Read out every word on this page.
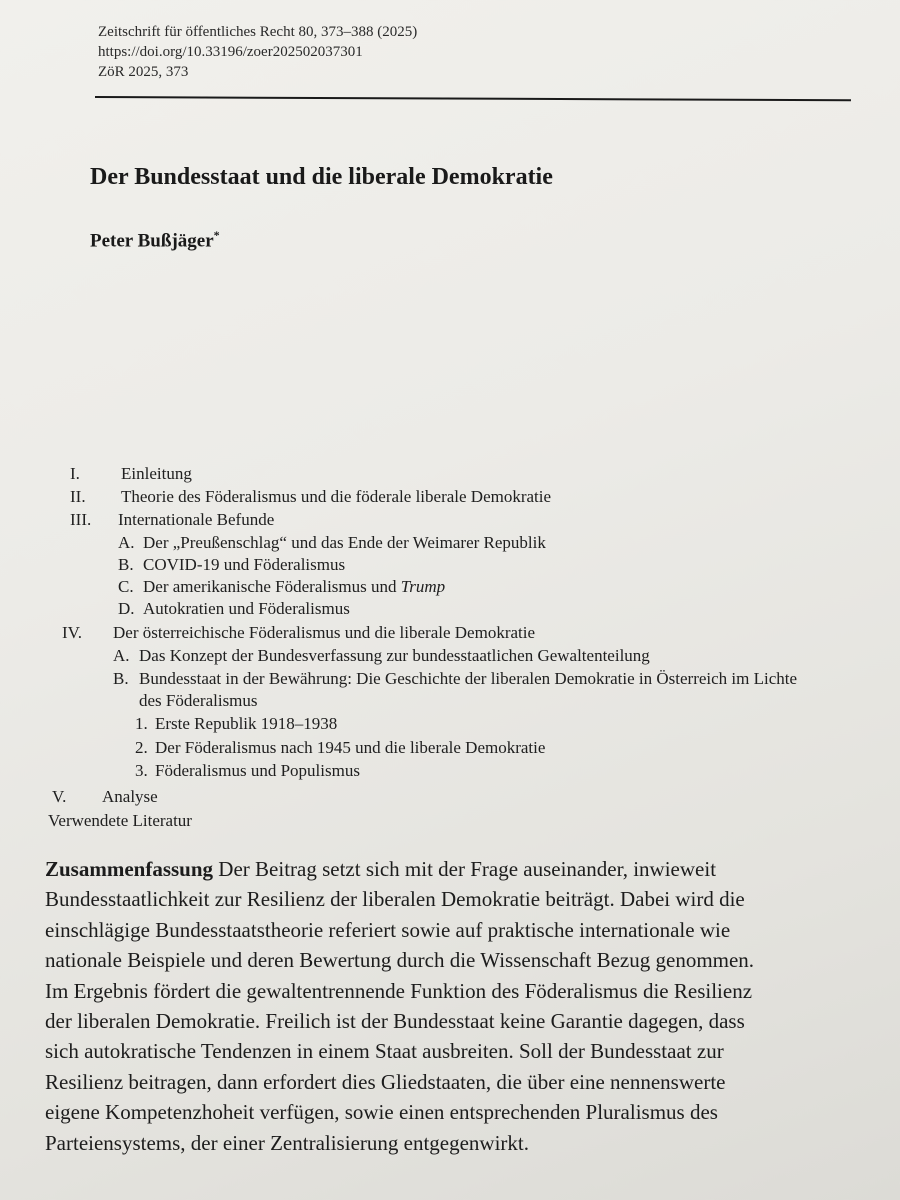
Zeitschrift für öffentliches Recht 80, 373–388 (2025)
https://doi.org/10.33196/zoer202502037301
ZöR 2025, 373
Der Bundesstaat und die liberale Demokratie
Peter Bußjäger*
I. Einleitung
II. Theorie des Föderalismus und die föderale liberale Demokratie
III. Internationale Befunde
A. Der „Preußenschlag“ und das Ende der Weimarer Republik
B. COVID-19 und Föderalismus
C. Der amerikanische Föderalismus und Trump
D. Autokratien und Föderalismus
IV. Der österreichische Föderalismus und die liberale Demokratie
A. Das Konzept der Bundesverfassung zur bundesstaatlichen Gewaltenteilung
B. Bundesstaat in der Bewährung: Die Geschichte der liberalen Demokratie in Österreich im Lichte
des Föderalismus
1. Erste Republik 1918–1938
2. Der Föderalismus nach 1945 und die liberale Demokratie
3. Föderalismus und Populismus
V. Analyse
Verwendete Literatur
Zusammenfassung Der Beitrag setzt sich mit der Frage auseinander, inwieweit
Bundesstaatlichkeit zur Resilienz der liberalen Demokratie beiträgt. Dabei wird die
einschlägige Bundesstaatstheorie referiert sowie auf praktische internationale wie
nationale Beispiele und deren Bewertung durch die Wissenschaft Bezug genommen.
Im Ergebnis fördert die gewaltentrennende Funktion des Föderalismus die Resilienz
der liberalen Demokratie. Freilich ist der Bundesstaat keine Garantie dagegen, dass
sich autokratische Tendenzen in einem Staat ausbreiten. Soll der Bundesstaat zur
Resilienz beitragen, dann erfordert dies Gliedstaaten, die über eine nennenswerte
eigene Kompetenzhoheit verfügen, sowie einen entsprechenden Pluralismus des
Parteiensystems, der einer Zentralisierung entgegenwirkt.
